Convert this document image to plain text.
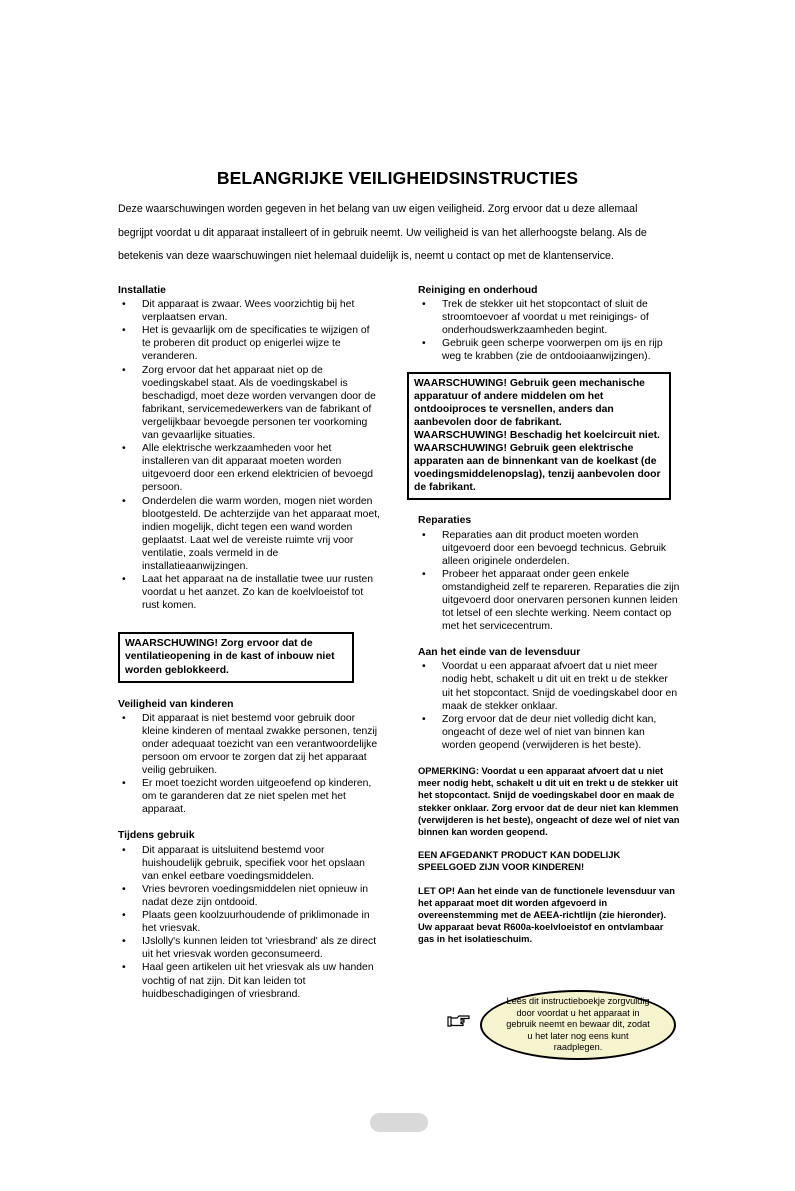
BELANGRIJKE VEILIGHEIDSINSTRUCTIES

Deze waarschuwingen worden gegeven in het belang van uw eigen veiligheid. Zorg ervoor dat u deze allemaal

begrijpt voordat u dit apparaat installeert of in gebruik neemt. Uw veiligheid is van het allerhoogste belang. Als de

betekenis van deze waarschuwingen niet helemaal duidelijk is, neemt u contact op met de klantenservice.

Installatie
• Dit apparaat is zwaar. Wees voorzichtig bij het verplaatsen ervan.
• Het is gevaarlijk om de specificaties te wijzigen of te proberen dit product op enigerlei wijze te veranderen.
• Zorg ervoor dat het apparaat niet op de voedingskabel staat. Als de voedingskabel is beschadigd, moet deze worden vervangen door de fabrikant, servicemedewerkers van de fabrikant of vergelijkbaar bevoegde personen ter voorkoming van gevaarlijke situaties.
• Alle elektrische werkzaamheden voor het installeren van dit apparaat moeten worden uitgevoerd door een erkend elektricien of bevoegd persoon.
• Onderdelen die warm worden, mogen niet worden blootgesteld. De achterzijde van het apparaat moet, indien mogelijk, dicht tegen een wand worden geplaatst. Laat wel de vereiste ruimte vrij voor ventilatie, zoals vermeld in de installatieaanwijzingen.
• Laat het apparaat na de installatie twee uur rusten voordat u het aanzet. Zo kan de koelvloeistof tot rust komen.

WAARSCHUWING! Zorg ervoor dat de ventilatieopening in de kast of inbouw niet worden geblokkeerd.

Veiligheid van kinderen
• Dit apparaat is niet bestemd voor gebruik door kleine kinderen of mentaal zwakke personen, tenzij onder adequaat toezicht van een verantwoordelijke persoon om ervoor te zorgen dat zij het apparaat veilig gebruiken.
• Er moet toezicht worden uitgeoefend op kinderen, om te garanderen dat ze niet spelen met het apparaat.
Tijdens gebruik
• Dit apparaat is uitsluitend bestemd voor huishoudelijk gebruik, specifiek voor het opslaan van enkel eetbare voedingsmiddelen.
• Vries bevroren voedingsmiddelen niet opnieuw in nadat deze zijn ontdooid.
• Plaats geen koolzuurhoudende of priklimonade in het vriesvak.
• IJslolly's kunnen leiden tot 'vriesbrand' als ze direct uit het vriesvak worden geconsumeerd.
• Haal geen artikelen uit het vriesvak als uw handen vochtig of nat zijn. Dit kan leiden tot huidbeschadigingen of vriesbrand.
Reiniging en onderhoud
• Trek de stekker uit het stopcontact of sluit de stroomtoevoer af voordat u met reinigings- of onderhoudswerkzaamheden begint.
• Gebruik geen scherpe voorwerpen om ijs en rijp weg te krabben (zie de ontdooiaanwijzingen).

WAARSCHUWING! Gebruik geen mechanische apparatuur of andere middelen om het ontdooiproces te versnellen, anders dan aanbevolen door de fabrikant.

WAARSCHUWING! Beschadig het koelcircuit niet.

WAARSCHUWING! Gebruik geen elektrische apparaten aan de binnenkant van de koelkast (de voedingsmiddelenopslag), tenzij aanbevolen door de fabrikant.

Reparaties
• Reparaties aan dit product moeten worden uitgevoerd door een bevoegd technicus. Gebruik alleen originele onderdelen.
• Probeer het apparaat onder geen enkele omstandigheid zelf te repareren. Reparaties die zijn uitgevoerd door onervaren personen kunnen leiden tot letsel of een slechte werking. Neem contact op met het servicecentrum.
Aan het einde van de levensduur
• Voordat u een apparaat afvoert dat u niet meer nodig hebt, schakelt u dit uit en trekt u de stekker uit het stopcontact. Snijd de voedingskabel door en maak de stekker onklaar.
• Zorg ervoor dat de deur niet volledig dicht kan, ongeacht of deze wel of niet van binnen kan worden geopend (verwijderen is het beste).

OPMERKING: Voordat u een apparaat afvoert dat u niet meer nodig hebt, schakelt u dit uit en trekt u de stekker uit het stopcontact. Snijd de voedingskabel door en maak de stekker onklaar. Zorg ervoor dat de deur niet kan klemmen (verwijderen is het beste), ongeacht of deze wel of niet van binnen kan worden geopend.

EEN AFGEDANKT PRODUCT KAN DODELIJK SPEELGOED ZIJN VOOR KINDEREN!

LET OP! Aan het einde van de functionele levensduur van het apparaat moet dit worden afgevoerd in overeenstemming met de AEEA-richtlijn (zie hieronder). Uw apparaat bevat R600a-koelvloeistof en ontvlambaar gas in het isolatieschuim.

Lees dit instructieboekje zorgvuldig door voordat u het apparaat in gebruik neemt en bewaar dit, zodat u het later nog eens kunt raadplegen.
